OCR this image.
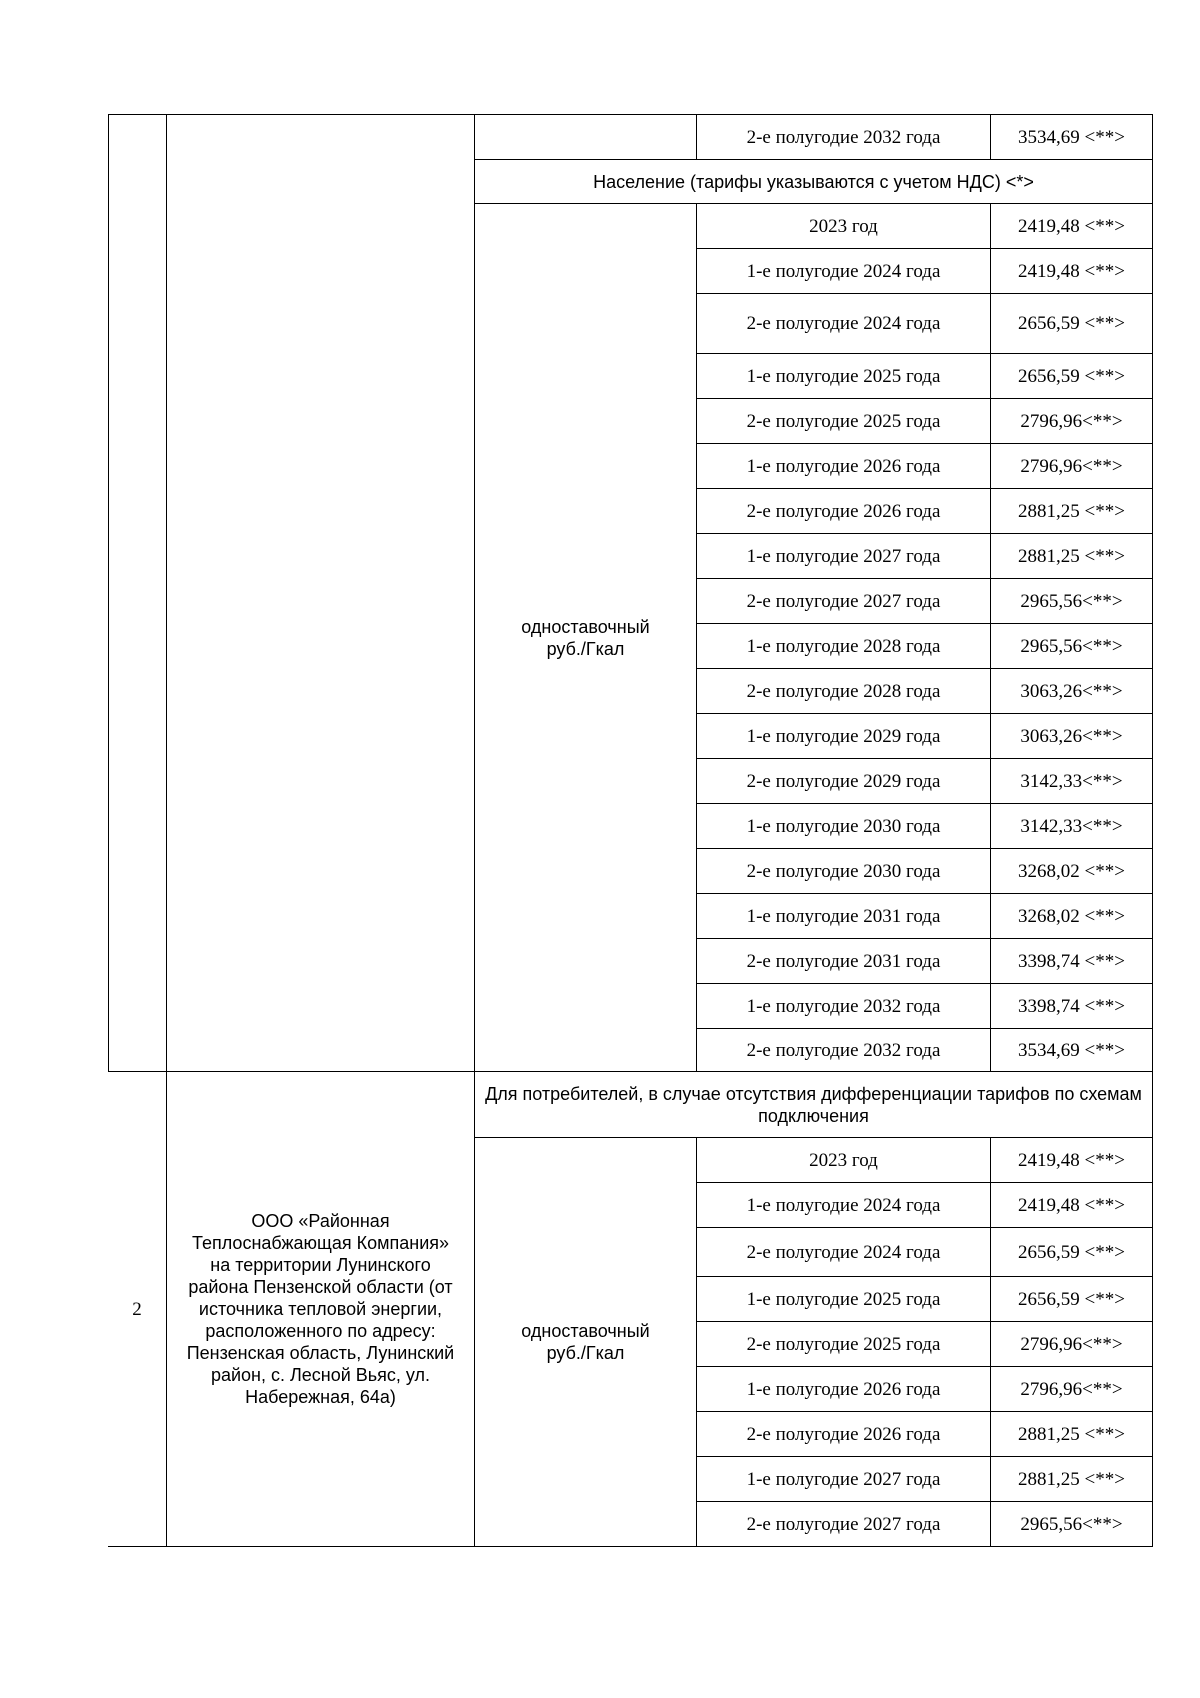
2-е полугодие 2032 года	3534,69 <**>
Население (тарифы указываются с учетом НДС) <*>
одноставочный
руб./Гкал
2
ООО «Районная Теплоснабжающая Компания» на территории Лунинского района Пензенской области (от источника тепловой энергии, расположенного по адресу: Пензенская область, Лунинский район, с. Лесной Вьяс, ул. Набережная, 64а)
Для потребителей, в случае отсутствия дифференциации тарифов по схемам подключения
одноставочный
руб./Гкал
2023 год	2419,48 <**>
1-е полугодие 2024 года	2419,48 <**>
2-е полугодие 2024 года	2656,59 <**>
1-е полугодие 2025 года	2656,59 <**>
2-е полугодие 2025 года	2796,96<**>
1-е полугодие 2026 года	2796,96<**>
2-е полугодие 2026 года	2881,25 <**>
1-е полугодие 2027 года	2881,25 <**>
2-е полугодие 2027 года	2965,56<**>
1-е полугодие 2028 года	2965,56<**>
2-е полугодие 2028 года	3063,26<**>
1-е полугодие 2029 года	3063,26<**>
2-е полугодие 2029 года	3142,33<**>
1-е полугодие 2030 года	3142,33<**>
2-е полугодие 2030 года	3268,02 <**>
1-е полугодие 2031 года	3268,02 <**>
2-е полугодие 2031 года	3398,74 <**>
1-е полугодие 2032 года	3398,74 <**>
2-е полугодие 2032 года	3534,69 <**>
2023 год	2419,48 <**>
1-е полугодие 2024 года	2419,48 <**>
2-е полугодие 2024 года	2656,59 <**>
1-е полугодие 2025 года	2656,59 <**>
2-е полугодие 2025 года	2796,96<**>
1-е полугодие 2026 года	2796,96<**>
2-е полугодие 2026 года	2881,25 <**>
1-е полугодие 2027 года	2881,25 <**>
2-е полугодие 2027 года	2965,56<**>
